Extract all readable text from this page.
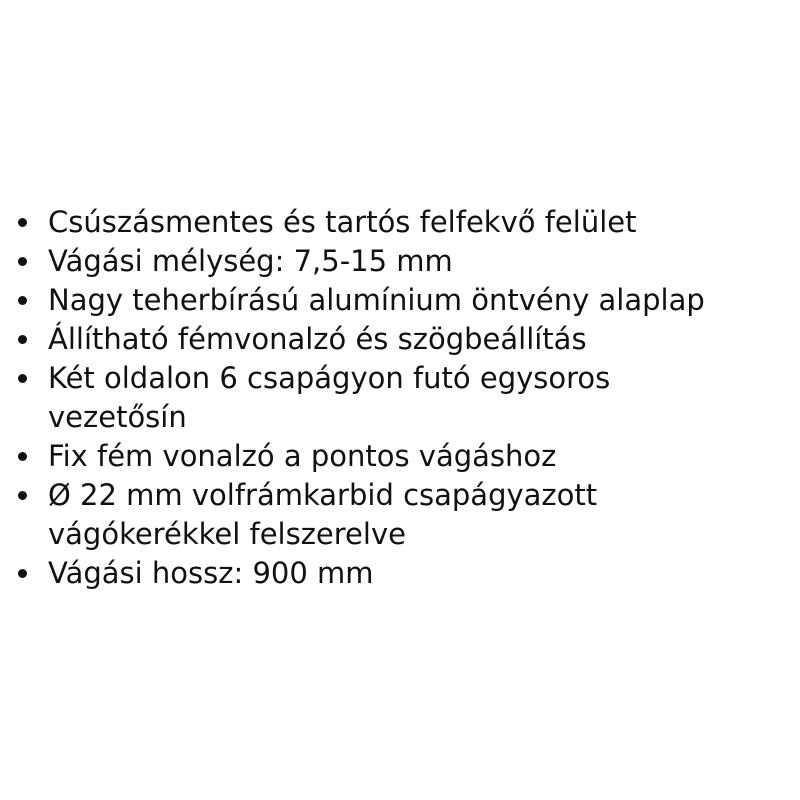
Csúszásmentes és tartós felfekvő felület
Vágási mélység: 7,5-15 mm
Nagy teherbírású alumínium öntvény alaplap
Állítható fémvonalzó és szögbeállítás
Két oldalon 6 csapágyon futó egysoros
vezetősín
Fix fém vonalzó a pontos vágáshoz
Ø 22 mm volfrámkarbid csapágyazott
vágókerékkel felszerelve
Vágási hossz: 900 mm
